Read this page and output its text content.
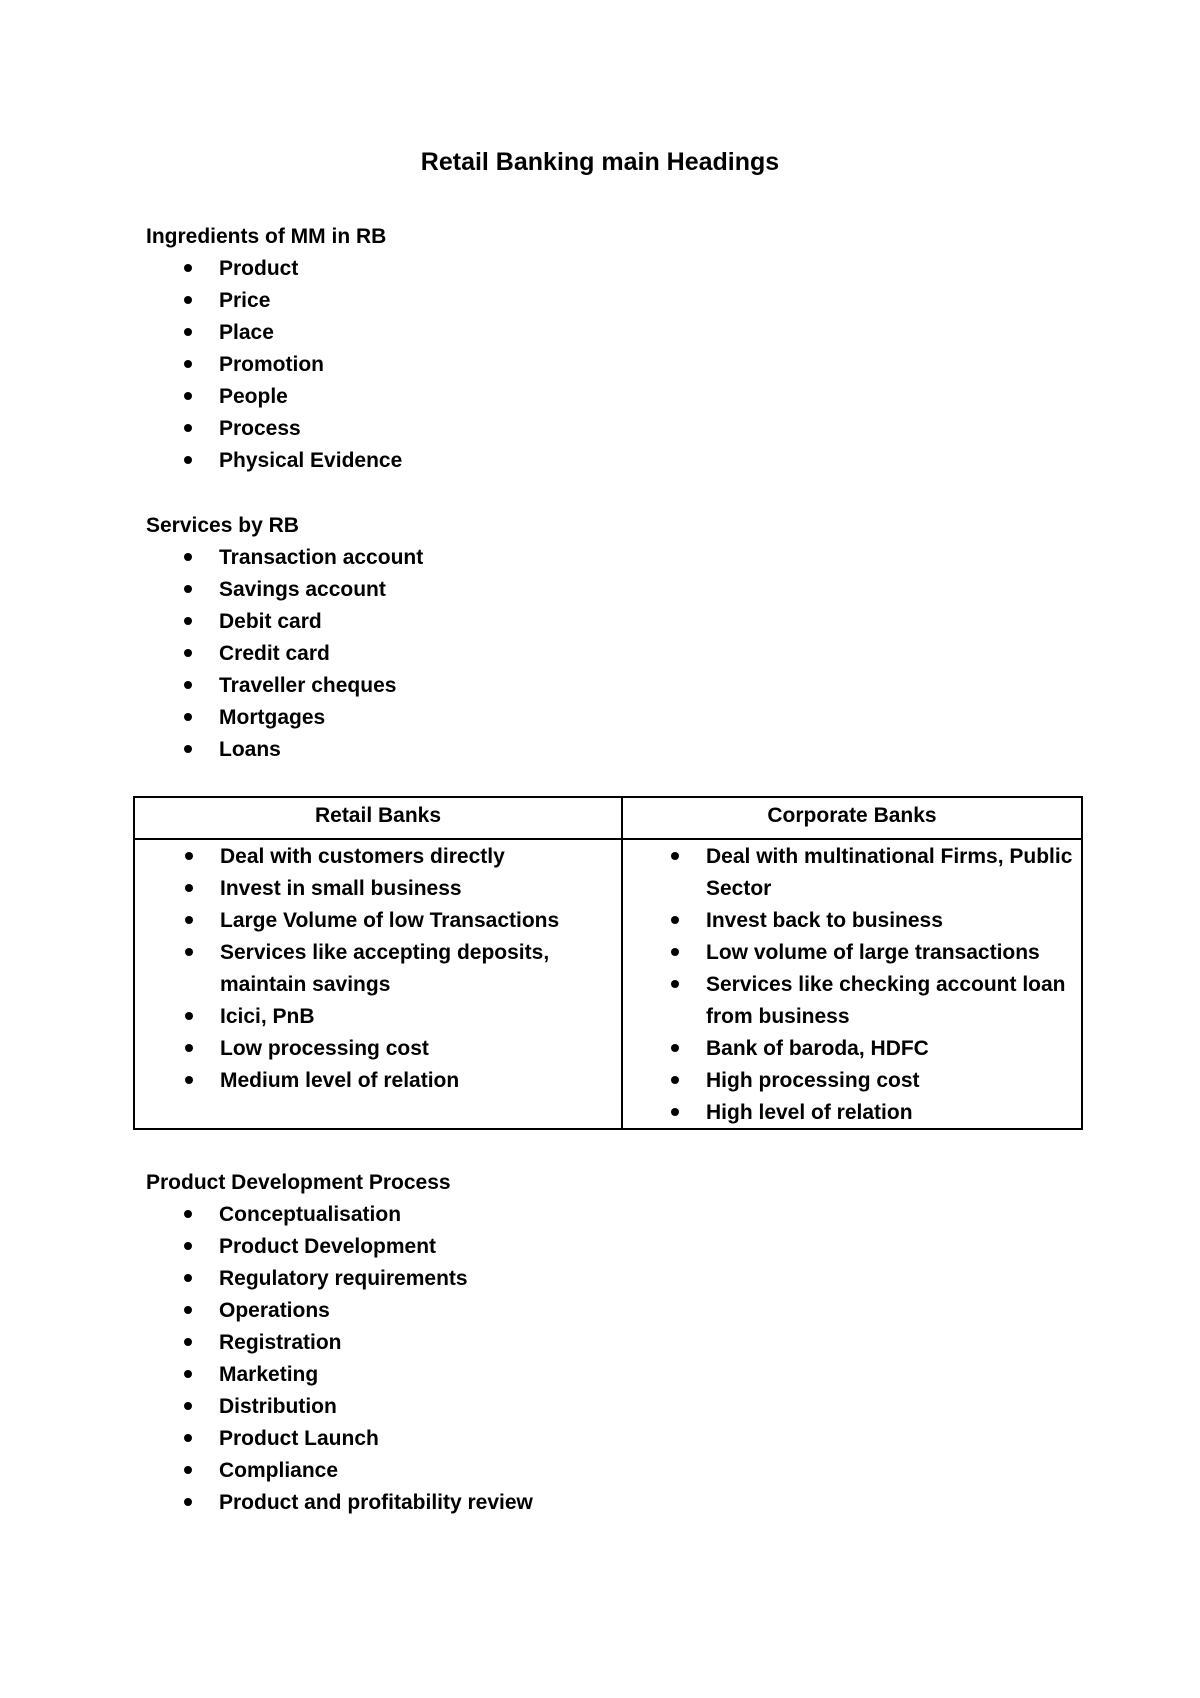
Retail Banking main Headings
Ingredients of MM in RB
Product
Price
Place
Promotion
People
Process
Physical Evidence
Services by RB
Transaction account
Savings account
Debit card
Credit card
Traveller cheques
Mortgages
Loans
Retail Banks	Corporate Banks
Deal with customers directly
Invest in small business
Large Volume of low Transactions
Services like accepting deposits, maintain savings
Icici, PnB
Low processing cost
Medium level of relation
Deal with multinational Firms, Public Sector
Invest back to business
Low volume of large transactions
Services like checking account loan from business
Bank of baroda, HDFC
High processing cost
High level of relation
Product Development Process
Conceptualisation
Product Development
Regulatory requirements
Operations
Registration
Marketing
Distribution
Product Launch
Compliance
Product and profitability review
